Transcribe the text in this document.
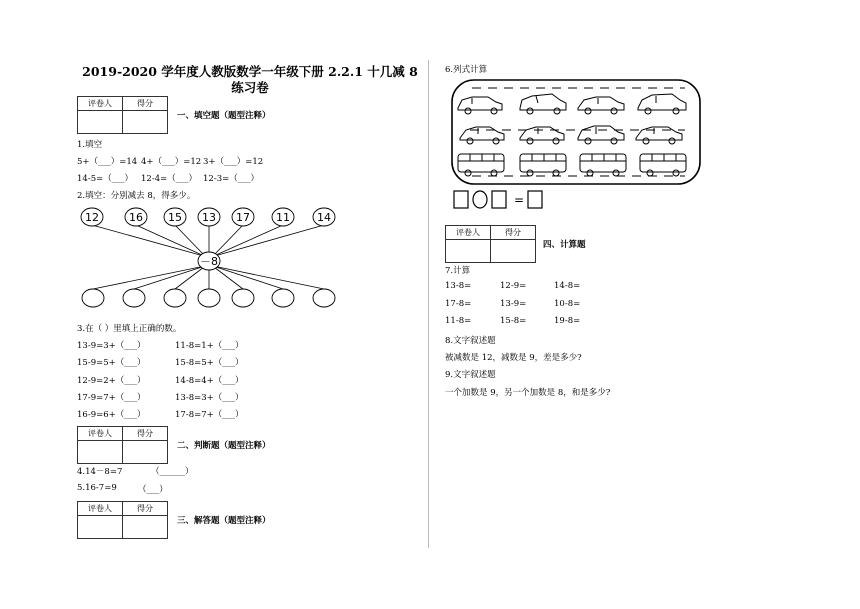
2019-2020 学年度人教版数学一年级下册 2.2.1 十几减 8 练习卷
评卷人	得分

一、填空题（题型注释）
1.填空
5+（___）=14 4+（___）=12 3+（___）=12
14-5=（___） 12-4=（___） 12-3=（___）
2.填空：分别减去 8，得多少。
12	16 15 13 17 11 14
－8
3.在（ ）里填上正确的数。
13-9=3+（___）
15-9=5+（___）
12-9=2+（___）
17-9=7+（___）
16-9=6+（___）
11-8=1+（___）
15-8=5+（___）
14-8=4+（___）
13-8=3+（___）
17-8=7+（___）
评卷人	得分

二、判断题（题型注释）
4.14－8=7	（______）
5.16-7=9	（___）
评卷人	得分

三、解答题（题型注释）
6.列式计算
=
评卷人	得分

四、计算题
7.计算
13-8=	12-9=	14-8=
17-8=	13-9=	10-8=
11-8=	15-8=	19-8=
8.文字叙述题
被减数是 12，减数是 9，差是多少?
9.文字叙述题
一个加数是 9，另一个加数是 8，和是多少?
